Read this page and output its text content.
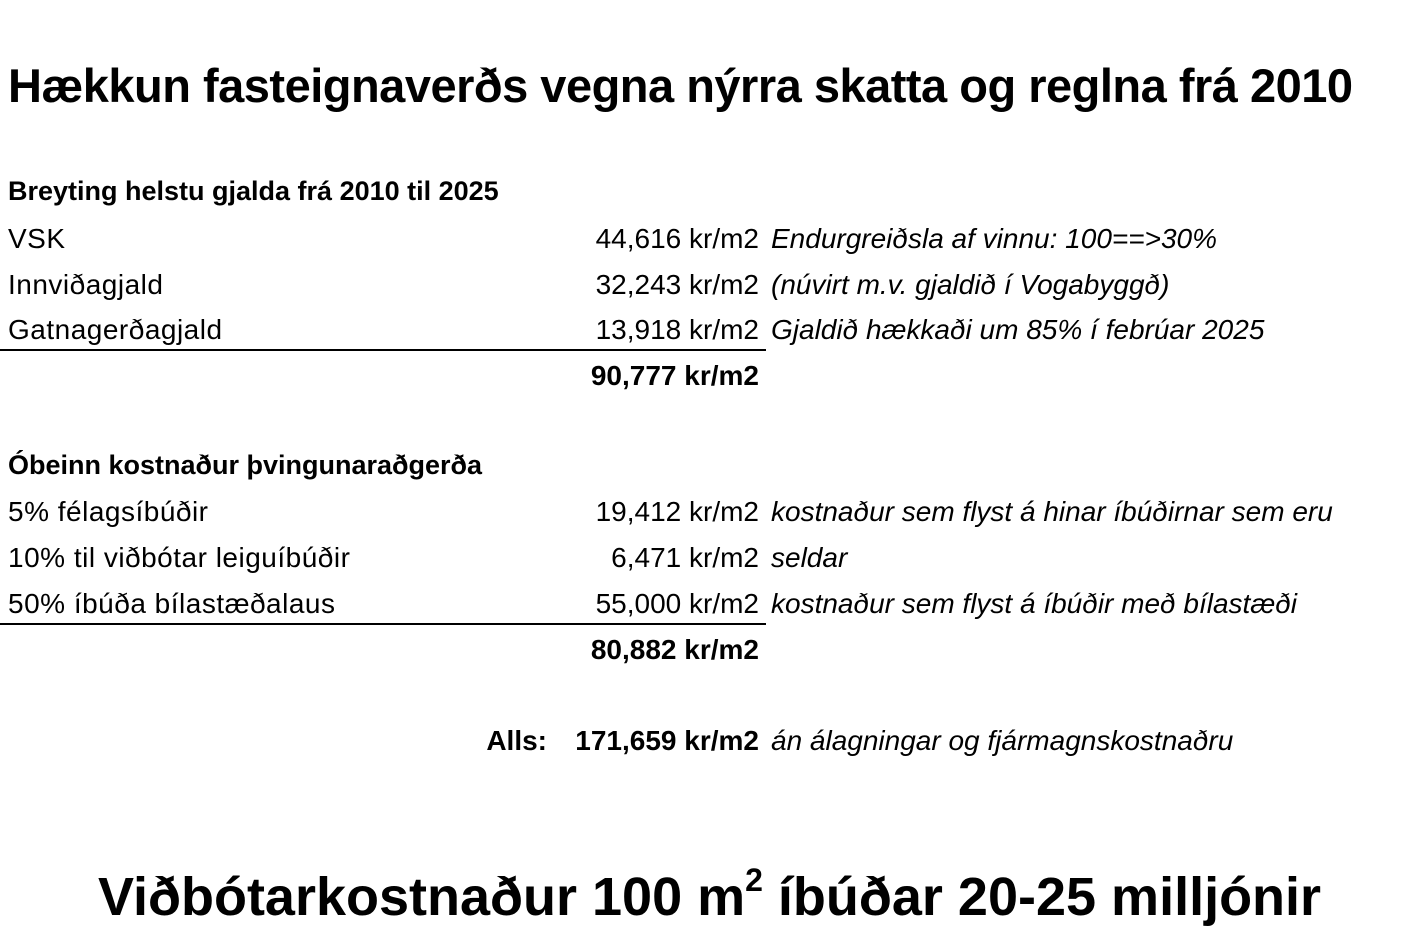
Hækkun fasteignaverðs vegna nýrra skatta og reglna frá 2010
Breyting helstu gjalda frá 2010 til 2025
VSK	44,616 kr/m2 Endurgreiðsla af vinnu: 100==>30%
Innviðagjald	32,243 kr/m2 (núvirt m.v. gjaldið í Vogabyggð)
Gatnagerðagjald	13,918 kr/m2 Gjaldið hækkaði um 85% í febrúar 2025
90,777 kr/m2
Óbeinn kostnaður þvingunaraðgerða
5% félagsíbúðir	19,412 kr/m2 kostnaður sem flyst á hinar íbúðirnar sem eru
10% til viðbótar leiguíbúðir	6,471 kr/m2 seldar
50% íbúða bílastæðalaus	55,000 kr/m2 kostnaður sem flyst á íbúðir með bílastæði
80,882 kr/m2
Alls: 171,659 kr/m2 án álagningar og fjármagnskostnaðru
Viðbótarkostnaður 100 $m^2$ íbúðar 20-25 milljónir
